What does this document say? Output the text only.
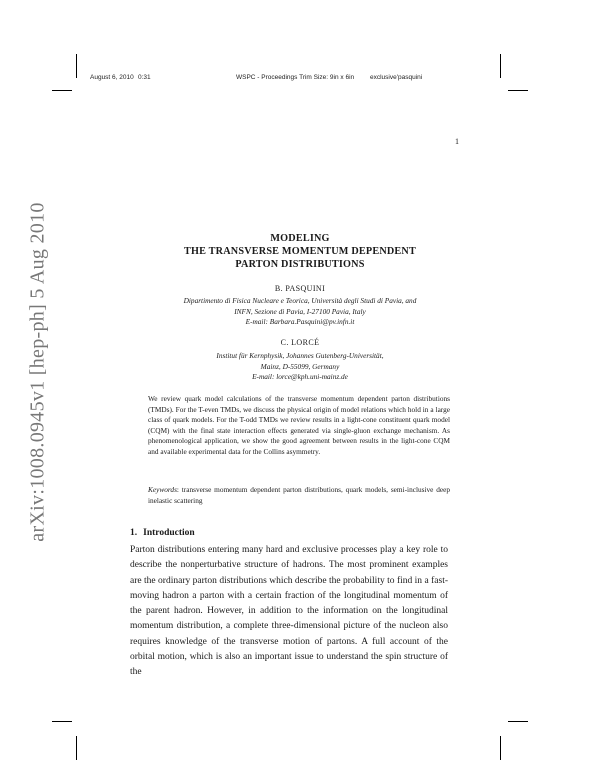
August 6, 2010 0:31	WSPC - Proceedings Trim Size: 9in x 6in exclusive'pasquini
1
arXiv:1008.0945v1 [hep-ph] 5 Aug 2010	MODELING
THE TRANSVERSE MOMENTUM DEPENDENT
PARTON DISTRIBUTIONS
B. PASQUINI
Dipartimento di Fisica Nucleare e Teorica, Università degli Studi di Pavia, and
INFN, Sezione di Pavia, I-27100 Pavia, Italy
E-mail: Barbara.Pasquini@pv.infn.it
C. LORCÉ
Institut für Kernphysik, Johannes Gutenberg-Universität,
Mainz, D-55099, Germany
E-mail: lorce@kph.uni-mainz.de
We review quark model calculations of the transverse momentum dependent parton distributions (TMDs). For the T-even TMDs, we discuss the physical origin of model relations which hold in a large class of quark models. For the T-odd TMDs we review results in a light-cone constituent quark model (CQM) with the final state interaction effects generated via single-gluon exchange mechanism. As phenomenological application, we show the good agreement between results in the light-cone CQM and available experimental data for the Collins asymmetry.
Keywords: transverse momentum dependent parton distributions, quark models, semi-inclusive deep inelastic scattering
1. Introduction
Parton distributions entering many hard and exclusive processes play a key role to describe the nonperturbative structure of hadrons. The most prominent examples are the ordinary parton distributions which describe the probability to find in a fast-moving hadron a parton with a certain fraction of the longitudinal momentum of the parent hadron. However, in addition to the information on the longitudinal momentum distribution, a complete three-dimensional picture of the nucleon also requires knowledge of the transverse motion of partons. A full account of the orbital motion, which is also an important issue to understand the spin structure of the
